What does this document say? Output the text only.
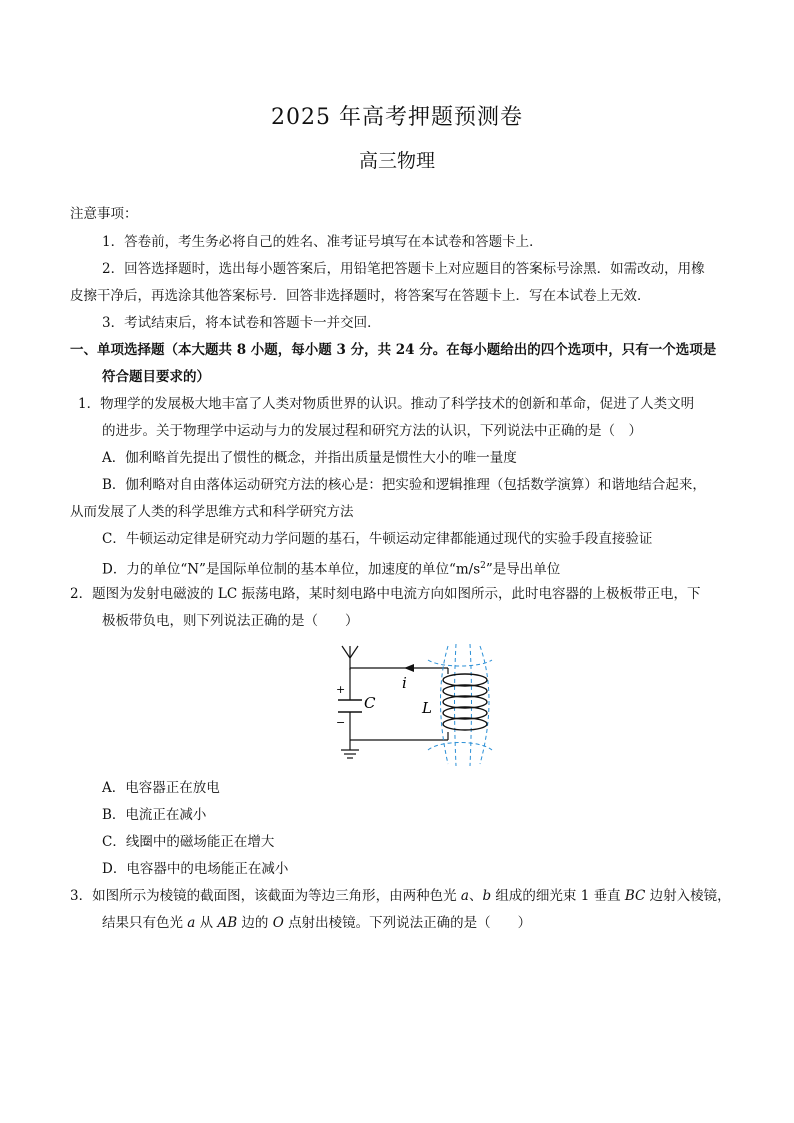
2025 年高考押题预测卷
高三物理
注意事项：
1．答卷前，考生务必将自己的姓名、准考证号填写在本试卷和答题卡上．
2．回答选择题时，选出每小题答案后，用铅笔把答题卡上对应题目的答案标号涂黑．如需改动，用橡
皮擦干净后，再选涂其他答案标号．回答非选择题时，将答案写在答题卡上．写在本试卷上无效．
3．考试结束后，将本试卷和答题卡一并交回．
一、单项选择题（本大题共 8 小题，每小题 3 分，共 24 分。在每小题给出的四个选项中，只有一个选项是
符合题目要求的）
1．物理学的发展极大地丰富了人类对物质世界的认识。推动了科学技术的创新和革命，促进了人类文明
的进步。关于物理学中运动与力的发展过程和研究方法的认识，下列说法中正确的是（　）
A．伽利略首先提出了惯性的概念，并指出质量是惯性大小的唯一量度
B．伽利略对自由落体运动研究方法的核心是：把实验和逻辑推理（包括数学演算）和谐地结合起来，
从而发展了人类的科学思维方式和科学研究方法
C．牛顿运动定律是研究动力学问题的基石，牛顿运动定律都能通过现代的实验手段直接验证
D．力的单位“N”是国际单位制的基本单位，加速度的单位“$m/s^2$”是导出单位
2．题图为发射电磁波的 LC 振荡电路，某时刻电路中电流方向如图所示，此时电容器的上极板带正电，下
极板带负电，则下列说法正确的是（　　）
+
−
C
i
L
A．电容器正在放电
B．电流正在减小
C．线圈中的磁场能正在增大
D．电容器中的电场能正在减小
3．如图所示为棱镜的截面图，该截面为等边三角形，由两种色光 a、b 组成的细光束 1 垂直 BC 边射入棱镜，
结果只有色光 a 从 AB 边的 O 点射出棱镜。下列说法正确的是（　　）
